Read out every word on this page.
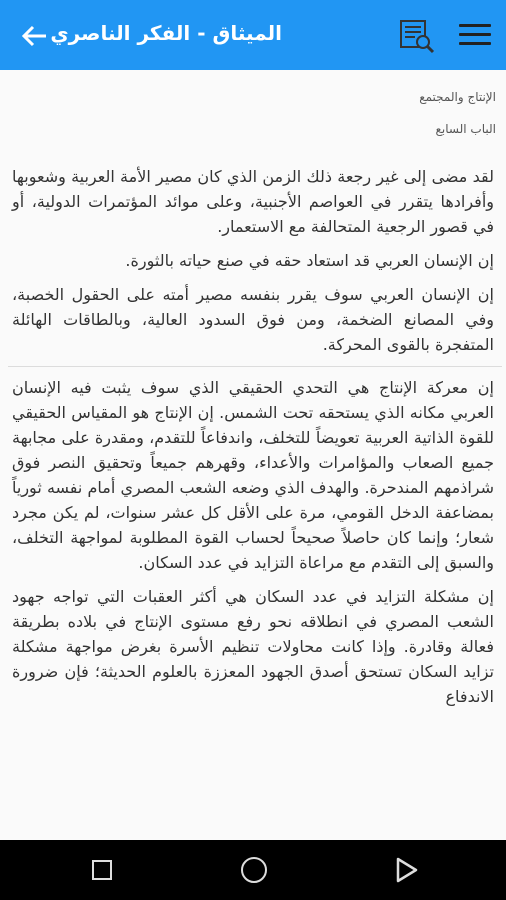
الميثاق - الفكر الناصري
الإنتاج والمجتمع
الباب السابع

لقد مضى إلى غير رجعة ذلك الزمن الذي كان مصير الأمة العربية وشعوبها وأفرادها يتقرر في العواصم الأجنبية، وعلى موائد المؤتمرات الدولية، أو في قصور الرجعية المتحالفة مع الاستعمار.

إن الإنسان العربي قد استعاد حقه في صنع حياته بالثورة.

إن الإنسان العربي سوف يقرر بنفسه مصير أمته على الحقول الخصبة، وفي المصانع الضخمة، ومن فوق السدود العالية، وبالطاقات الهائلة المتفجرة بالقوى المحركة.

إن معركة الإنتاج هي التحدي الحقيقي الذي سوف يثبت فيه الإنسان العربي مكانه الذي يستحقه تحت الشمس. إن الإنتاج هو المقياس الحقيقي للقوة الذاتية العربية تعويضاً للتخلف، واندفاعاً للتقدم، ومقدرة على مجابهة جميع الصعاب والمؤامرات والأعداء، وقهرهم جميعاً وتحقيق النصر فوق شراذمهم المندحرة. والهدف الذي وضعه الشعب المصري أمام نفسه ثورياً بمضاعفة الدخل القومي، مرة على الأقل كل عشر سنوات، لم يكن مجرد شعار؛ وإنما كان حاصلاً صحيحاً لحساب القوة المطلوبة لمواجهة التخلف، والسبق إلى التقدم مع مراعاة التزايد في عدد السكان.

إن مشكلة التزايد في عدد السكان هي أكثر العقبات التي تواجه جهود الشعب المصري في انطلاقه نحو رفع مستوى الإنتاج في بلاده بطريقة فعالة وقادرة. وإذا كانت محاولات تنظيم الأسرة بغرض مواجهة مشكلة تزايد السكان تستحق أصدق الجهود المعززة بالعلوم الحديثة؛ فإن ضرورة الاندفاع
